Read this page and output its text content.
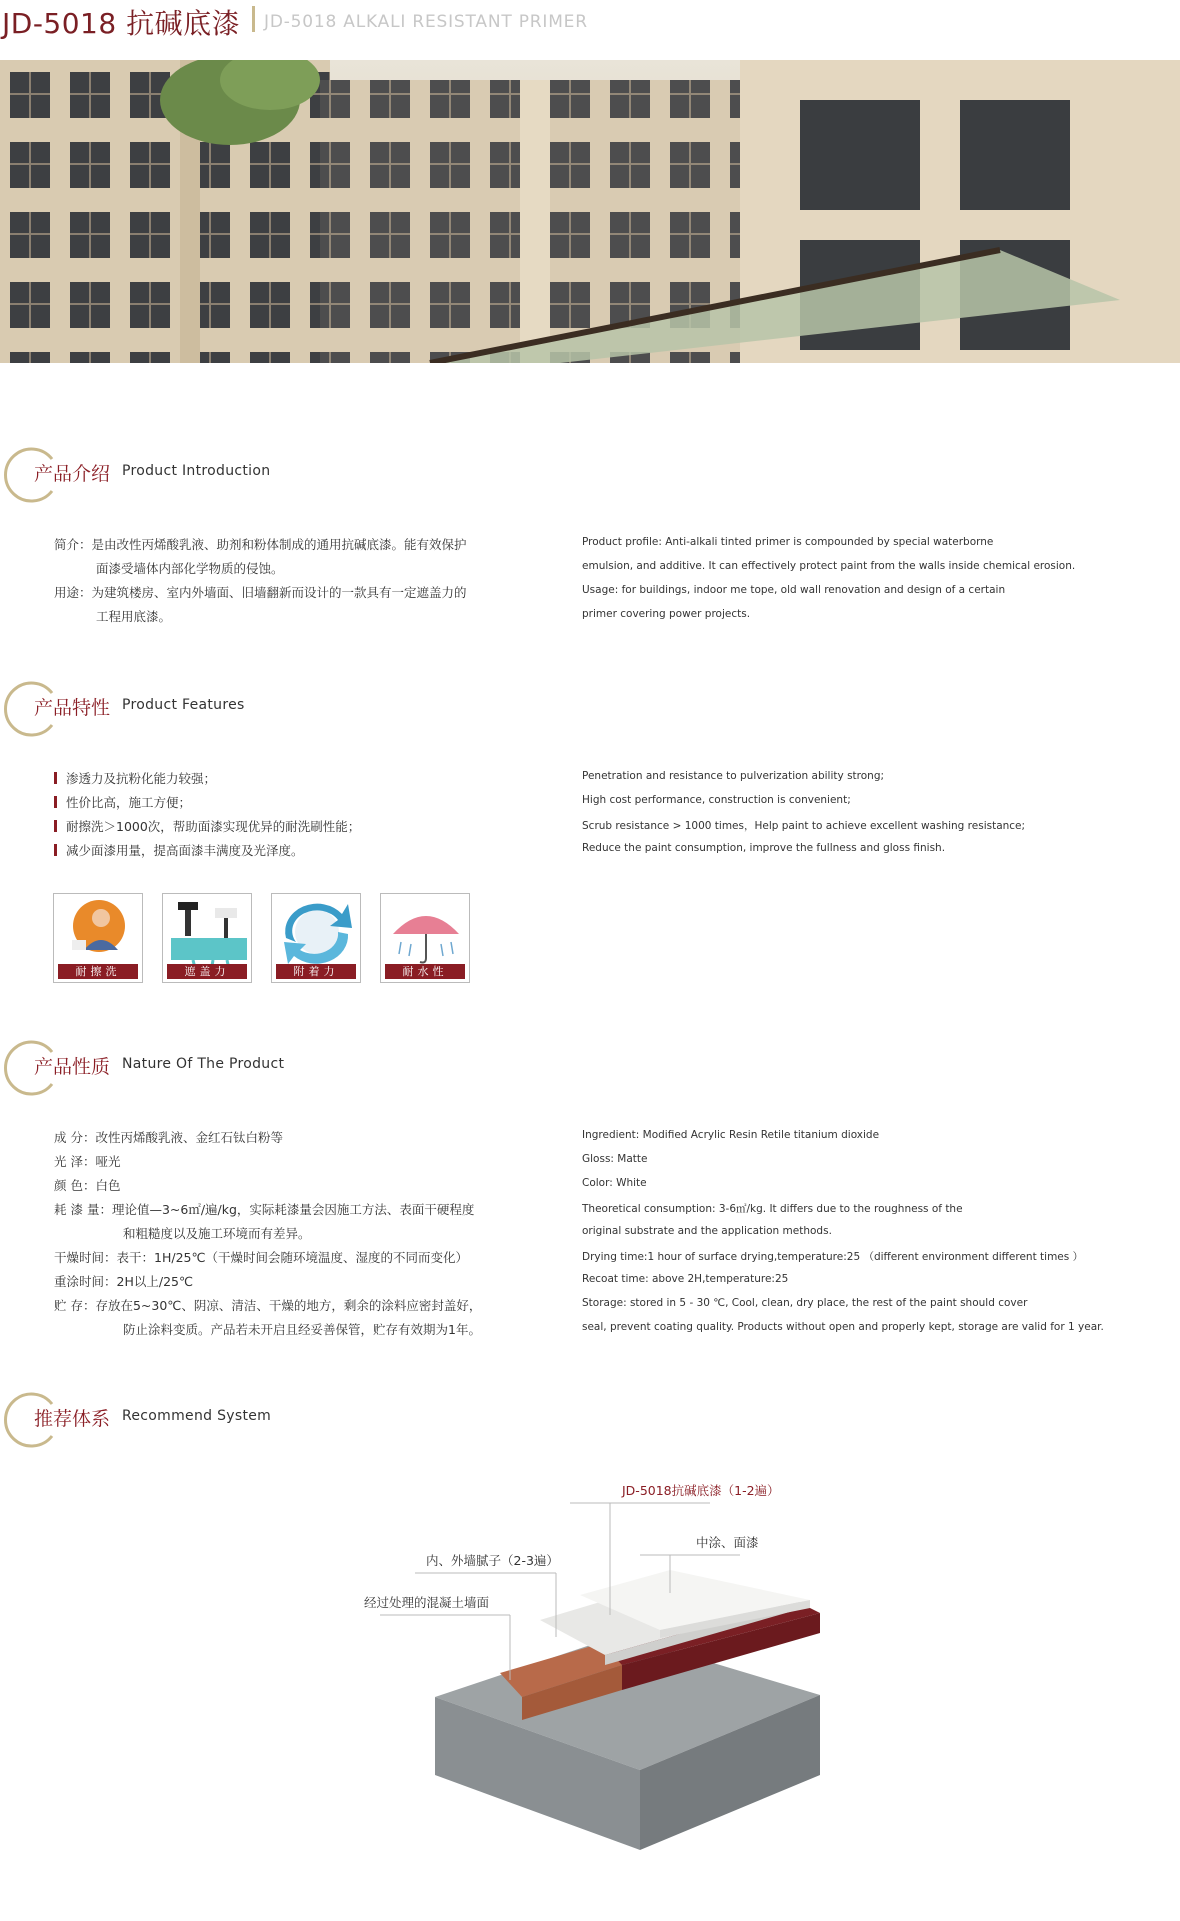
JD-5018 抗碱底漆 JD-5018 ALKALI RESISTANT PRIMER
产品介绍 Product Introduction
简介：是由改性丙烯酸乳液、助剂和粉体制成的通用抗碱底漆。能有效保护
面漆受墙体内部化学物质的侵蚀。
用途：为建筑楼房、室内外墙面、旧墙翻新而设计的一款具有一定遮盖力的
工程用底漆。
Product profile: Anti-alkali tinted primer is compounded by special waterborne
emulsion, and additive. It can effectively protect paint from the walls inside chemical erosion.
Usage: for buildings, indoor me tope, old wall renovation and design of a certain
primer covering power projects.
产品特性 Product Features
渗透力及抗粉化能力较强；
性价比高，施工方便；
耐擦洗＞1000次，帮助面漆实现优异的耐洗刷性能；
减少面漆用量，提高面漆丰满度及光泽度。
Penetration and resistance to pulverization ability strong;
High cost performance, construction is convenient;
Scrub resistance > 1000 times，Help paint to achieve excellent washing resistance;
Reduce the paint consumption, improve the fullness and gloss finish.
耐擦洗	遮盖力	附着力	耐水性
产品性质 Nature Of The Product
成 分：改性丙烯酸乳液、金红石钛白粉等
光 泽：哑光
颜 色：白色
耗 漆 量：理论值—3~6㎡/遍/kg，实际耗漆量会因施工方法、表面干硬程度
和粗糙度以及施工环境而有差异。
干燥时间：表干：1H/25℃（干燥时间会随环境温度、湿度的不同而变化）
重涂时间：2H以上/25℃
贮 存：存放在5~30℃、阴凉、清洁、干燥的地方，剩余的涂料应密封盖好，
防止涂料变质。产品若未开启且经妥善保管，贮存有效期为1年。
Ingredient: Modified Acrylic Resin Retile titanium dioxide
Gloss: Matte
Color: White
Theoretical consumption: 3-6㎡/kg. It differs due to the roughness of the
original substrate and the application methods.
Drying time:1 hour of surface drying,temperature:25 （different environment different times ）
Recoat time: above 2H,temperature:25
Storage: stored in 5 - 30 ℃, Cool, clean, dry place, the rest of the paint should cover
seal, prevent coating quality. Products without open and properly kept, storage are valid for 1 year.
推荐体系 Recommend System
JD-5018抗碱底漆（1-2遍）
中涂、面漆
内、外墙腻子（2-3遍）
经过处理的混凝土墙面
